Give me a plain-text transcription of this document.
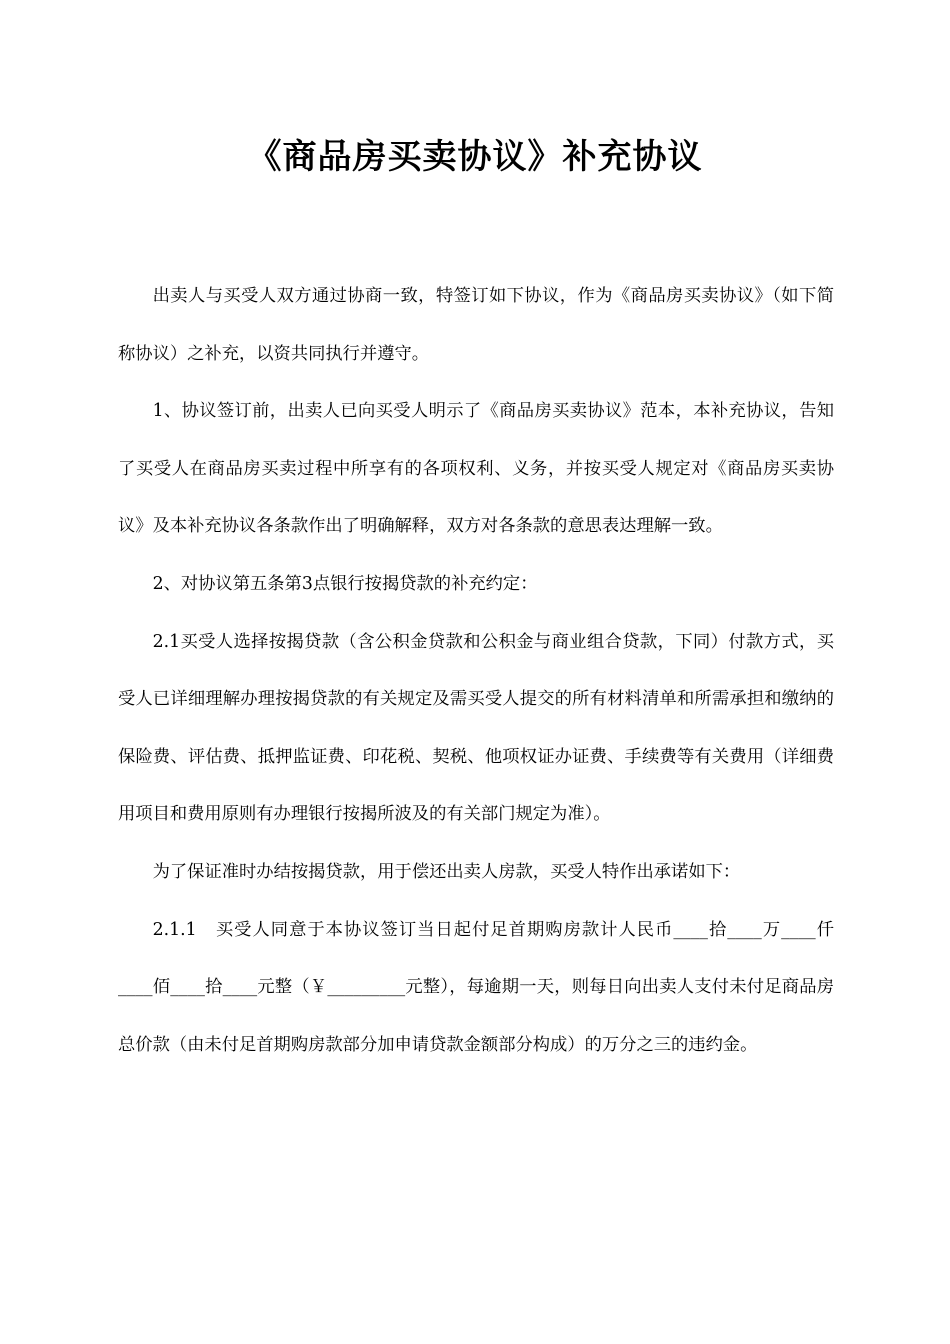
《商品房买卖协议》补充协议

出卖人与买受人双方通过协商一致，特签订如下协议，作为《商品房买卖协议》（如下简称协议）之补充，以资共同执行并遵守。

1、协议签订前，出卖人已向买受人明示了《商品房买卖协议》范本，本补充协议，告知了买受人在商品房买卖过程中所享有的各项权利、义务，并按买受人规定对《商品房买卖协议》及本补充协议各条款作出了明确解释，双方对各条款的意思表达理解一致。

2、对协议第五条第3点银行按揭贷款的补充约定：

2.1买受人选择按揭贷款（含公积金贷款和公积金与商业组合贷款，下同）付款方式，买受人已详细理解办理按揭贷款的有关规定及需买受人提交的所有材料清单和所需承担和缴纳的保险费、评估费、抵押监证费、印花税、契税、他项权证办证费、手续费等有关费用（详细费用项目和费用原则有办理银行按揭所波及的有关部门规定为准）。

为了保证准时办结按揭贷款，用于偿还出卖人房款，买受人特作出承诺如下：

2.1.1　买受人同意于本协议签订当日起付足首期购房款计人民币____拾____万____仟____佰____拾____元整（￥_________元整），每逾期一天，则每日向出卖人支付未付足商品房总价款（由未付足首期购房款部分加申请贷款金额部分构成）的万分之三的违约金。
